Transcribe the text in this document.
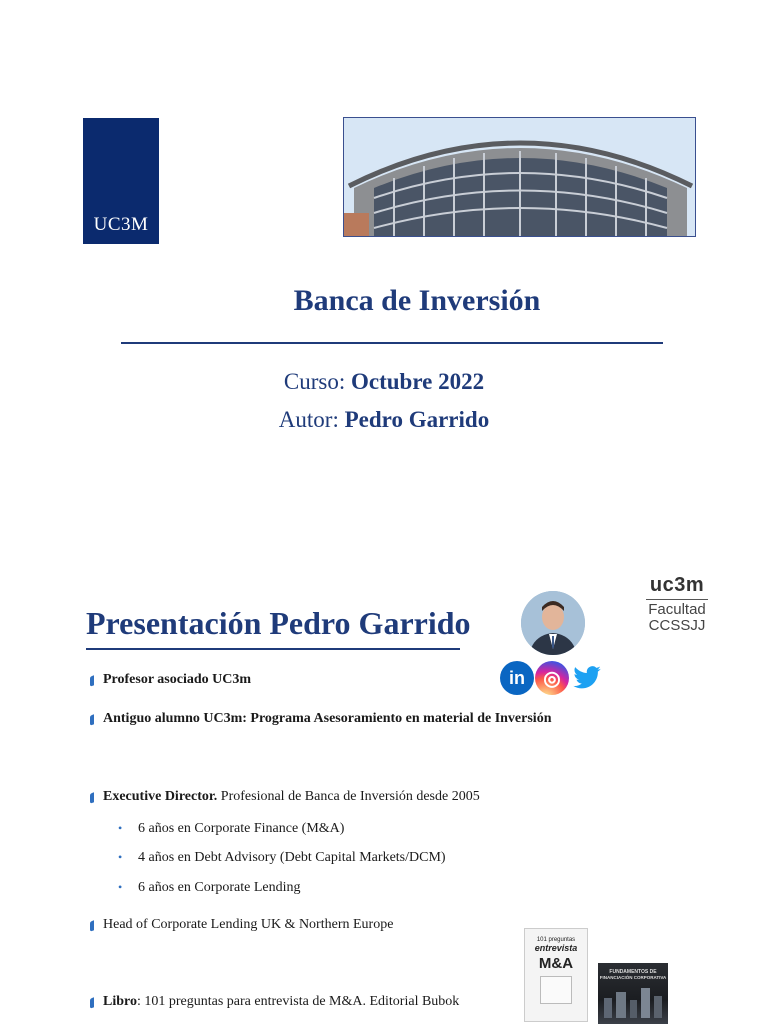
UC3M
Banca de Inversión
Curso: Octubre 2022
Autor: Pedro Garrido
uc3m
Facultad
CCSSJJ
Presentación Pedro Garrido
in ◎
Profesor asociado UC3m
Antiguo alumno UC3m: Programa Asesoramiento en material de Inversión
Executive Director. Profesional de Banca de Inversión desde 2005
•	6 años en Corporate Finance (M&A)
•	4 años en Debt Advisory (Debt Capital Markets/DCM)
•	6 años en Corporate Lending
Head of Corporate Lending UK & Northern Europe
Libro: 101 preguntas para entrevista de M&A. Editorial Bubok
101 preguntas
entrevista
M&A	FUNDAMENTOS DE
FINANCIACIÓN CORPORATIVA
